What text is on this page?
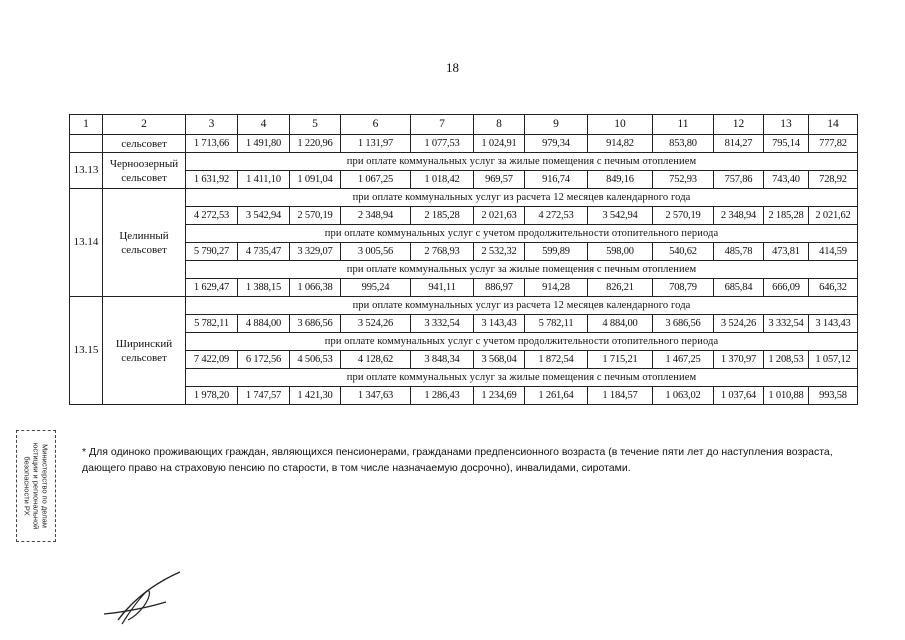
18
1	2	3	4	5	6	7	8	9	10	11	12	13	14
	сельсовет	1 713,66	1 491,80	1 220,96	1 131,97	1 077,53	1 024,91	979,34	914,82	853,80	814,27	795,14	777,82
13.13	Черноозерный сельсовет	при оплате коммунальных услуг за жилые помещения с печным отоплением											
		1 631,92	1 411,10	1 091,04	1 067,25	1 018,42	969,57	916,74	849,16	752,93	757,86	743,40	728,92
13.14	Целинный сельсовет	при оплате коммунальных услуг из расчета 12 месяцев календарного года											
		4 272,53	3 542,94	2 570,19	2 348,94	2 185,28	2 021,63	4 272,53	3 542,94	2 570,19	2 348,94	2 185,28	2 021,62
		при оплате коммунальных услуг с учетом продолжительности отопительного периода											
		5 790,27	4 735,47	3 329,07	3 005,56	2 768,93	2 532,32	599,89	598,00	540,62	485,78	473,81	414,59
		при оплате коммунальных услуг за жилые помещения с печным отоплением											
		1 629,47	1 388,15	1 066,38	995,24	941,11	886,97	914,28	826,21	708,79	685,84	666,09	646,32
13.15	Ширинский сельсовет	при оплате коммунальных услуг из расчета 12 месяцев календарного года											
		5 782,11	4 884,00	3 686,56	3 524,26	3 332,54	3 143,43	5 782,11	4 884,00	3 686,56	3 524,26	3 332,54	3 143,43
		при оплате коммунальных услуг с учетом продолжительности отопительного периода											
		7 422,09	6 172,56	4 506,53	4 128,62	3 848,34	3 568,04	1 872,54	1 715,21	1 467,25	1 370,97	1 208,53	1 057,12
		при оплате коммунальных услуг за жилые помещения с печным отоплением											
		1 978,20	1 747,57	1 421,30	1 347,63	1 286,43	1 234,69	1 261,64	1 184,57	1 063,02	1 037,64	1 010,88	993,58
* Для одиноко проживающих граждан, являющихся пенсионерами, гражданами предпенсионного возраста (в течение пяти лет до наступления возраста, дающего право на страховую пенсию по старости, в том числе назначаемую досрочно), инвалидами, сиротами.
Министерство по делам юстиции и региональной безопасности РХ
